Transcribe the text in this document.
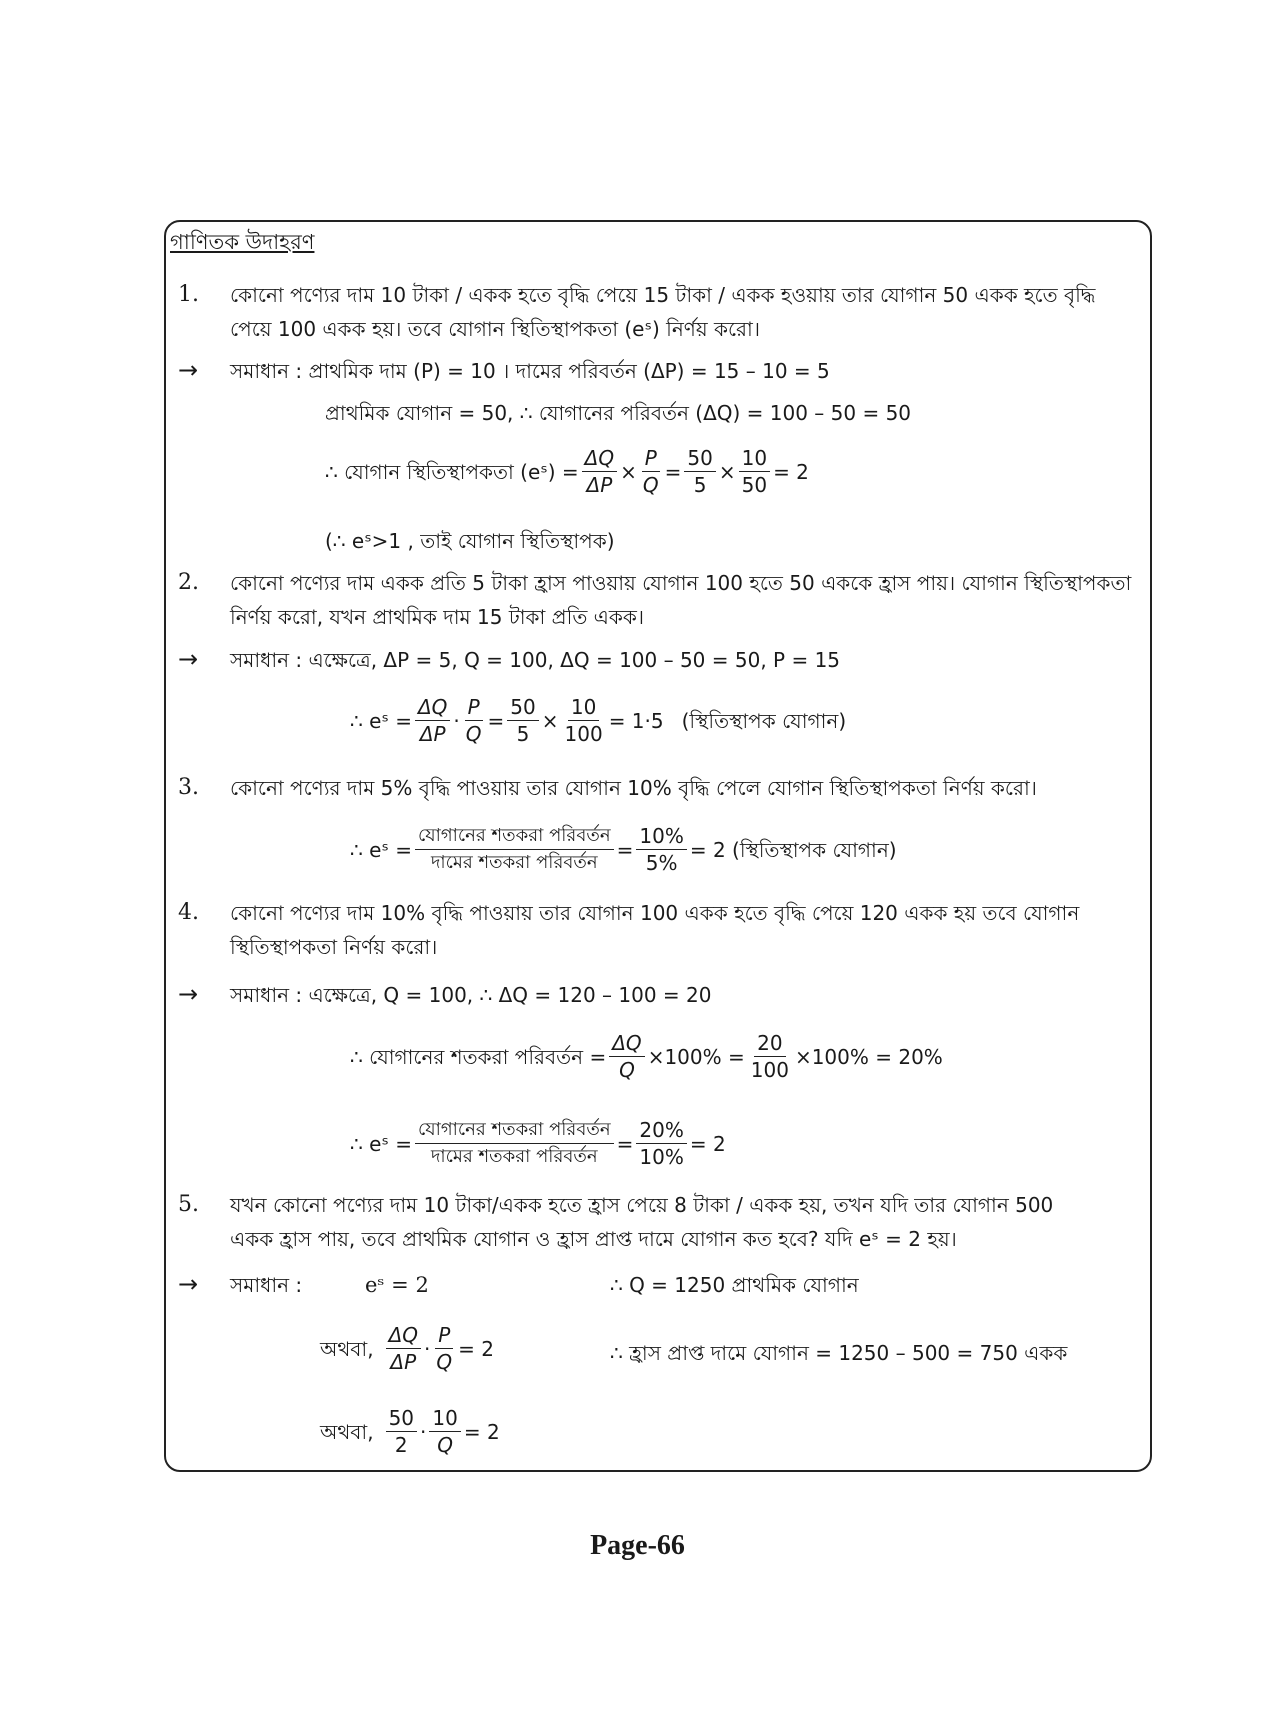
গাণিতক উদাহরণ
1. কোনো পণ্যের দাম 10 টাকা / একক হতে বৃদ্ধি পেয়ে 15 টাকা / একক হওয়ায় তার যোগান 50 একক হতে বৃদ্ধি
পেয়ে 100 একক হয়। তবে যোগান স্থিতিস্থাপকতা (eˢ) নির্ণয় করো।
→ সমাধান : প্রাথমিক দাম (P) = 10 । দামের পরিবর্তন (ΔP) = 15 – 10 = 5
প্রাথমিক যোগান = 50, ∴ যোগানের পরিবর্তন (ΔQ) = 100 – 50 = 50
∴ যোগান স্থিতিস্থাপকতা (eˢ) = $\frac{\Delta Q}{\Delta P} \times \frac{P}{Q} = \frac{50}{5} \times \frac{10}{50} = 2$
(∴ eˢ>1 , তাই যোগান স্থিতিস্থাপক)
2. কোনো পণ্যের দাম একক প্রতি 5 টাকা হ্রাস পাওয়ায় যোগান 100 হতে 50 এককে হ্রাস পায়। যোগান স্থিতিস্থাপকতা
নির্ণয় করো, যখন প্রাথমিক দাম 15 টাকা প্রতি একক।
→ সমাধান : এক্ষেত্রে, ΔP = 5, Q = 100, ΔQ = 100 – 50 = 50, P = 15
∴ eˢ = $\frac{\Delta Q}{\Delta P} \cdot \frac{P}{Q} = \frac{50}{5} \times \frac{10}{100} = 1\cdot 5$ (স্থিতিস্থাপক যোগান)
3. কোনো পণ্যের দাম 5% বৃদ্ধি পাওয়ায় তার যোগান 10% বৃদ্ধি পেলে যোগান স্থিতিস্থাপকতা নির্ণয় করো।
∴ eˢ = $\frac{\text{যোগানের শতকরা পরিবর্তন}}{\text{দামের শতকরা পরিবর্তন}} = \frac{10\%}{5\%} = 2$ (স্থিতিস্থাপক যোগান)
4. কোনো পণ্যের দাম 10% বৃদ্ধি পাওয়ায় তার যোগান 100 একক হতে বৃদ্ধি পেয়ে 120 একক হয় তবে যোগান
স্থিতিস্থাপকতা নির্ণয় করো।
→ সমাধান : এক্ষেত্রে, Q = 100, ∴ ΔQ = 120 – 100 = 20
∴ যোগানের শতকরা পরিবর্তন = $\frac{\Delta Q}{Q} \times 100\% = \frac{20}{100} \times 100\% = 20\%$
∴ eˢ = $\frac{\text{যোগানের শতকরা পরিবর্তন}}{\text{দামের শতকরা পরিবর্তন}} = \frac{20\%}{10\%} = 2$
5. যখন কোনো পণ্যের দাম 10 টাকা/একক হতে হ্রাস পেয়ে 8 টাকা / একক হয়, তখন যদি তার যোগান 500
একক হ্রাস পায়, তবে প্রাথমিক যোগান ও হ্রাস প্রাপ্ত দামে যোগান কত হবে? যদি eˢ = 2 হয়।
→ সমাধান :	eˢ = 2	∴ Q = 1250 প্রাথমিক যোগান
অথবা, $\frac{\Delta Q}{\Delta P} \cdot \frac{P}{Q} = 2$	∴ হ্রাস প্রাপ্ত দামে যোগান = 1250 – 500 = 750 একক
অথবা, $\frac{50}{2} \cdot \frac{10}{Q} = 2$
Page-66
